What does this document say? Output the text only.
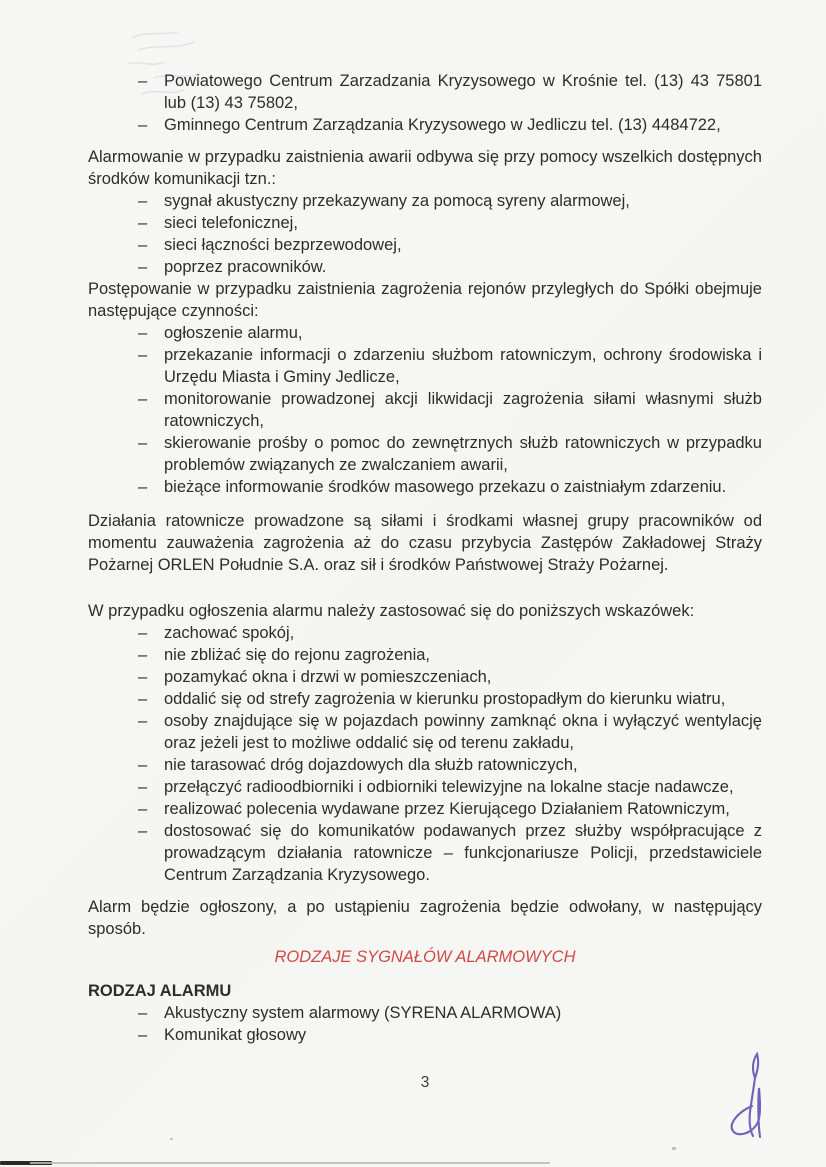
–	Powiatowego Centrum Zarzadzania Kryzysowego w Krośnie tel. (13) 43 75801 lub (13) 43 75802,
–	Gminnego Centrum Zarządzania Kryzysowego w Jedliczu tel. (13) 4484722,

Alarmowanie w przypadku zaistnienia awarii odbywa się przy pomocy wszelkich dostępnych środków komunikacji tzn.:

–	sygnał akustyczny przekazywany za pomocą syreny alarmowej,
–	sieci telefonicznej,
–	sieci łączności bezprzewodowej,
–	poprzez pracowników.

Postępowanie w przypadku zaistnienia zagrożenia rejonów przyległych do Spółki obejmuje następujące czynności:

–	ogłoszenie alarmu,
–	przekazanie informacji o zdarzeniu służbom ratowniczym, ochrony środowiska i Urzędu Miasta i Gminy Jedlicze,
–	monitorowanie prowadzonej akcji likwidacji zagrożenia siłami własnymi służb ratowniczych,
–	skierowanie prośby o pomoc do zewnętrznych służb ratowniczych w przypadku problemów związanych ze zwalczaniem awarii,
–	bieżące informowanie środków masowego przekazu o zaistniałym zdarzeniu.

Działania ratownicze prowadzone są siłami i środkami własnej grupy pracowników od momentu zauważenia zagrożenia aż do czasu przybycia Zastępów Zakładowej Straży Pożarnej ORLEN Południe S.A. oraz sił i środków Państwowej Straży Pożarnej.

W przypadku ogłoszenia alarmu należy zastosować się do poniższych wskazówek:

–	zachować spokój,
–	nie zbliżać się do rejonu zagrożenia,
–	pozamykać okna i drzwi w pomieszczeniach,
–	oddalić się od strefy zagrożenia w kierunku prostopadłym do kierunku wiatru,
–	osoby znajdujące się w pojazdach powinny zamknąć okna i wyłączyć wentylację oraz jeżeli jest to możliwe oddalić się od terenu zakładu,
–	nie tarasować dróg dojazdowych dla służb ratowniczych,
–	przełączyć radioodbiorniki i odbiorniki telewizyjne na lokalne stacje nadawcze,
–	realizować polecenia wydawane przez Kierującego Działaniem Ratowniczym,
–	dostosować się do komunikatów podawanych przez służby współpracujące z prowadzącym działania ratownicze – funkcjonariusze Policji, przedstawiciele Centrum Zarządzania Kryzysowego.

Alarm będzie ogłoszony, a po ustąpieniu zagrożenia będzie odwołany, w następujący sposób.

RODZAJE SYGNAŁÓW ALARMOWYCH
RODZAJ ALARMU
–	Akustyczny system alarmowy (SYRENA ALARMOWA)
–	Komunikat głosowy
3
